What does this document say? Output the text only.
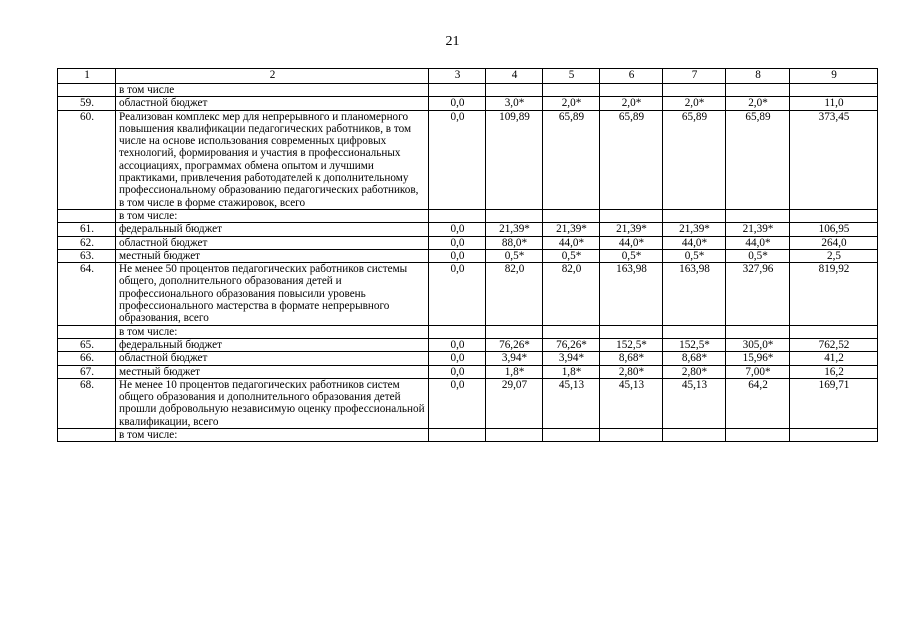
21
1	2	3	4	5	6	7	8	9
	в том числе							
59.	областной бюджет	0,0	3,0*	2,0*	2,0*	2,0*	2,0*	11,0
60.	Реализован комплекс мер для непрерывного и планомерного повышения квалификации педагогических работников, в том числе на основе использования современных цифровых технологий, формирования и участия в профессиональных ассоциациях, программах обмена опытом и лучшими практиками, привлечения работодателей к дополнительному профессиональному образованию педагогических работников, в том числе в форме стажировок, всего	0,0	109,89	65,89	65,89	65,89	65,89	373,45
	в том числе:							
61.	федеральный бюджет	0,0	21,39*	21,39*	21,39*	21,39*	21,39*	106,95
62.	областной бюджет	0,0	88,0*	44,0*	44,0*	44,0*	44,0*	264,0
63.	местный бюджет	0,0	0,5*	0,5*	0,5*	0,5*	0,5*	2,5
64.	Не менее 50 процентов педагогических работников системы общего, дополнительного образования детей и профессионального образования повысили уровень профессионального мастерства в формате непрерывного образования, всего	0,0	82,0	82,0	163,98	163,98	327,96	819,92
	в том числе:							
65.	федеральный бюджет	0,0	76,26*	76,26*	152,5*	152,5*	305,0*	762,52
66.	областной бюджет	0,0	3,94*	3,94*	8,68*	8,68*	15,96*	41,2
67.	местный бюджет	0,0	1,8*	1,8*	2,80*	2,80*	7,00*	16,2
68.	Не менее 10 процентов педагогических работников систем общего образования и дополнительного образования детей прошли добровольную независимую оценку профессиональной квалификации, всего	0,0	29,07	45,13	45,13	45,13	64,2	169,71
	в том числе:							
